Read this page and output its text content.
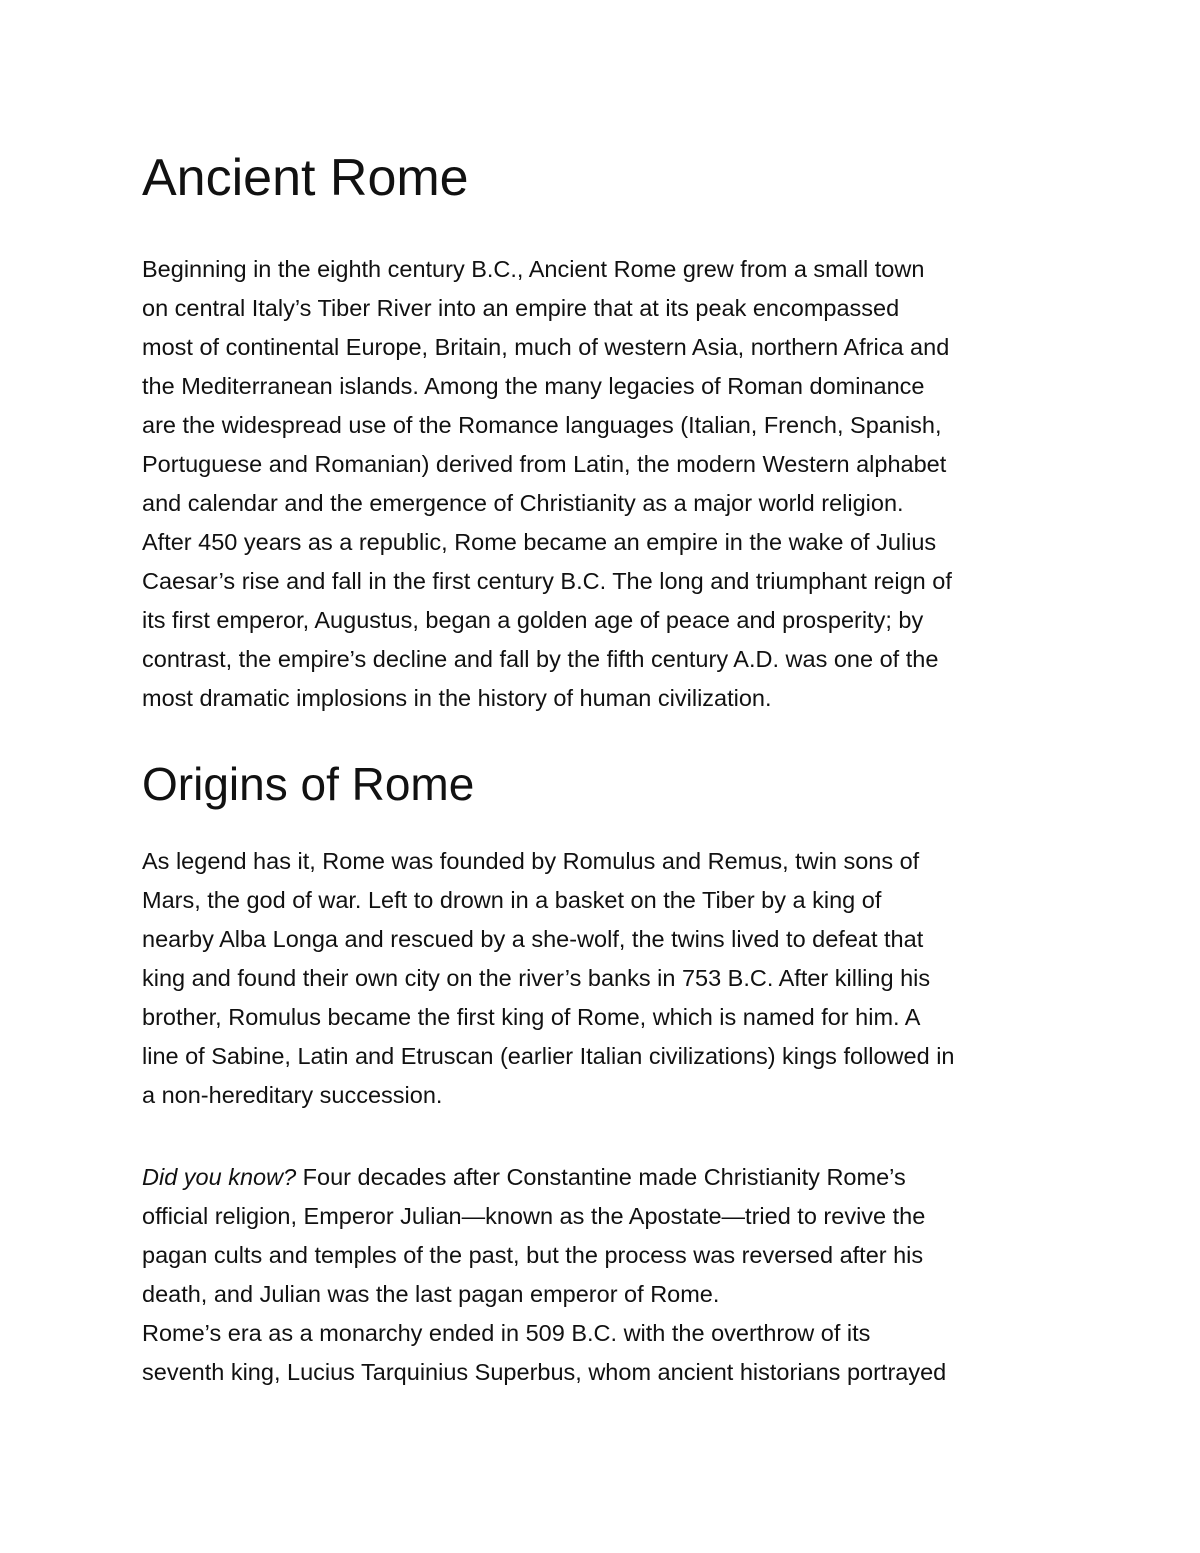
Ancient Rome

Beginning in the eighth century B.C., Ancient Rome grew from a small town
on central Italy’s Tiber River into an empire that at its peak encompassed
most of continental Europe, Britain, much of western Asia, northern Africa and
the Mediterranean islands. Among the many legacies of Roman dominance
are the widespread use of the Romance languages (Italian, French, Spanish,
Portuguese and Romanian) derived from Latin, the modern Western alphabet
and calendar and the emergence of Christianity as a major world religion.
After 450 years as a republic, Rome became an empire in the wake of Julius
Caesar’s rise and fall in the first century B.C. The long and triumphant reign of
its first emperor, Augustus, began a golden age of peace and prosperity; by
contrast, the empire’s decline and fall by the fifth century A.D. was one of the
most dramatic implosions in the history of human civilization.

Origins of Rome

As legend has it, Rome was founded by Romulus and Remus, twin sons of
Mars, the god of war. Left to drown in a basket on the Tiber by a king of
nearby Alba Longa and rescued by a she-wolf, the twins lived to defeat that
king and found their own city on the river’s banks in 753 B.C. After killing his
brother, Romulus became the first king of Rome, which is named for him. A
line of Sabine, Latin and Etruscan (earlier Italian civilizations) kings followed in
a non-hereditary succession.

Did you know? Four decades after Constantine made Christianity Rome’s
official religion, Emperor Julian—known as the Apostate—tried to revive the
pagan cults and temples of the past, but the process was reversed after his
death, and Julian was the last pagan emperor of Rome.
Rome’s era as a monarchy ended in 509 B.C. with the overthrow of its
seventh king, Lucius Tarquinius Superbus, whom ancient historians portrayed
